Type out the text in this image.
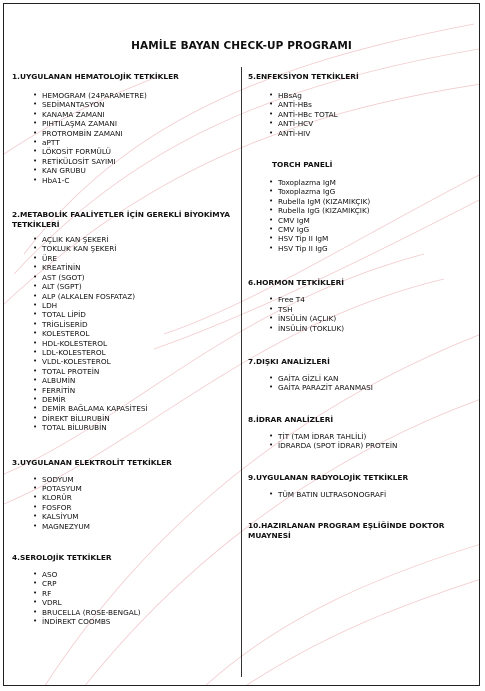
HAMİLE BAYAN CHECK-UP PROGRAMI

1.UYGULANAN HEMATOLOJİK TETKİKLER

• HEMOGRAM (24PARAMETRE)
• SEDİMANTASYON
• KANAMA ZAMANI
• PIHTILAŞMA ZAMANI
• PROTROMBİN ZAMANI
• aPTT
• LÖKOSİT FORMÜLÜ
• RETİKÜLOSİT SAYIMI
• KAN GRUBU
• HbA1-C

2.METABOLİK FAALİYETLER İÇİN GEREKLİ BİYOKİMYA TETKİKLERİ

• AÇLIK KAN ŞEKERİ
• TOKLUK KAN ŞEKERİ
• ÜRE
• KREATİNİN
• AST (SGOT)
• ALT (SGPT)
• ALP (ALKALEN FOSFATAZ)
• LDH
• TOTAL LİPİD
• TRİGLİSERİD
• KOLESTEROL
• HDL-KOLESTEROL
• LDL-KOLESTEROL
• VLDL-KOLESTEROL
• TOTAL PROTEİN
• ALBUMİN
• FERRİTİN
• DEMİR
• DEMİR BAĞLAMA KAPASİTESİ
• DİREKT BİLURUBİN
• TOTAL BİLURUBİN

3.UYGULANAN ELEKTROLİT TETKİKLER

• SODYUM
• POTASYUM
• KLORÜR
• FOSFOR
• KALSİYUM
• MAGNEZYUM

4.SEROLOJİK TETKİKLER

• ASO
• CRP
• RF
• VDRL
• BRUCELLA (ROSE-BENGAL)
• İNDİREKT COOMBS

5.ENFEKSİYON TETKİKLERİ

• HBsAg
• ANTİ-HBs
• ANTİ-HBc TOTAL
• ANTİ-HCV
• ANTİ-HIV

TORCH PANELİ

• Toxoplazma IgM
• Toxoplazma IgG
• Rubella IgM (KIZAMIKÇIK)
• Rubella IgG (KIZAMIKÇIK)
• CMV IgM
• CMV IgG
• HSV Tip II IgM
• HSV Tip II IgG

6.HORMON TETKİKLERİ

• Free T4
• TSH
• İNSÜLİN (AÇLIK)
• İNSÜLİN (TOKLUK)

7.DIŞKI ANALİZLERİ

• GAİTA GİZLİ KAN
• GAİTA PARAZİT ARANMASI

8.İDRAR ANALİZLERİ

• TİT (TAM İDRAR TAHLİLİ)
• İDRARDA (SPOT İDRAR) PROTEİN

9.UYGULANAN RADYOLOJİK TETKİKLER

• TÜM BATIN ULTRASONOGRAFİ

10.HAZIRLANAN PROGRAM EŞLİĞİNDE DOKTOR MUAYNESİ
